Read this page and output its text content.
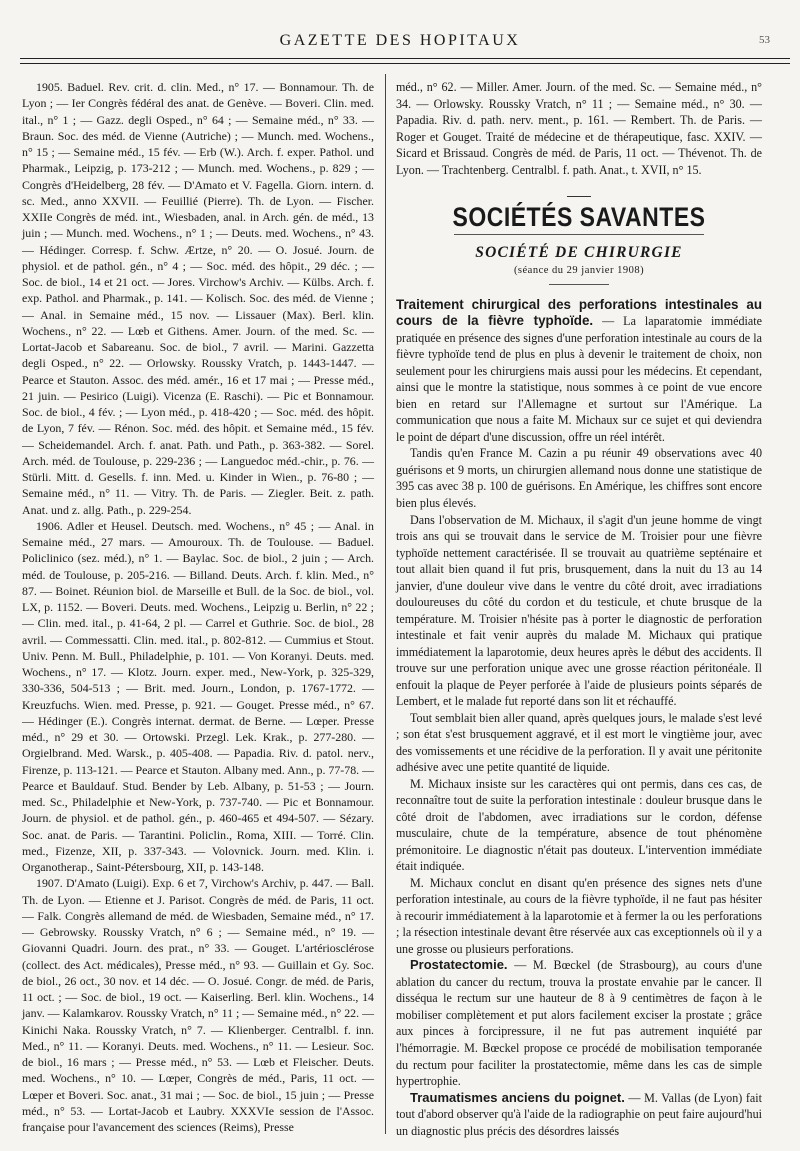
GAZETTE DES HOPITAUX	53

1905. Baduel. Rev. crit. d. clin. Med., n° 17. — Bonnamour. Th. de Lyon ; — Ier Congrès fédéral des anat. de Genève. — Boveri. Clin. med. ital., n° 1 ; — Gazz. degli Osped., n° 64 ; — Semaine méd., n° 33. — Braun. Soc. des méd. de Vienne (Autriche) ; — Munch. med. Wochens., n° 15 ; — Semaine méd., 15 fév. — Erb (W.). Arch. f. exper. Pathol. und Pharmak., Leipzig, p. 173-212 ; — Munch. med. Wochens., p. 829 ; — Congrès d'Heidelberg, 28 fév. — D'Amato et V. Fagella. Giorn. intern. d. sc. Med., anno XXVII. — Feuillié (Pierre). Th. de Lyon. — Fischer. XXIIe Congrès de méd. int., Wiesbaden, anal. in Arch. gén. de méd., 13 juin ; — Munch. med. Wochens., n° 1 ; — Deuts. med. Wochens., n° 43. — Hédinger. Corresp. f. Schw. Ærtze, n° 20. — O. Josué. Journ. de physiol. et de pathol. gén., n° 4 ; — Soc. méd. des hôpit., 29 déc. ; — Soc. de biol., 14 et 21 oct. — Jores. Virchow's Archiv. — Külbs. Arch. f. exp. Pathol. and Pharmak., p. 141. — Kolisch. Soc. des méd. de Vienne ; — Anal. in Semaine méd., 15 nov. — Lissauer (Max). Berl. klin. Wochens., n° 22. — Lœb et Githens. Amer. Journ. of the med. Sc. — Lortat-Jacob et Sabareanu. Soc. de biol., 7 avril. — Marini. Gazzetta degli Osped., n° 22. — Orlowsky. Roussky Vratch, p. 1443-1447. — Pearce et Stauton. Assoc. des méd. amér., 16 et 17 mai ; — Presse méd., 21 juin. — Pesirico (Luigi). Vicenza (E. Raschi). — Pic et Bonnamour. Soc. de biol., 4 fév. ; — Lyon méd., p. 418-420 ; — Soc. méd. des hôpit. de Lyon, 7 fév. — Rénon. Soc. méd. des hôpit. et Semaine méd., 15 fév. — Scheidemandel. Arch. f. anat. Path. und Path., p. 363-382. — Sorel. Arch. méd. de Toulouse, p. 229-236 ; — Languedoc méd.-chir., p. 76. — Stürli. Mitt. d. Gesells. f. inn. Med. u. Kinder in Wien., p. 76-80 ; — Semaine méd., n° 11. — Vitry. Th. de Paris. — Ziegler. Beit. z. path. Anat. und z. allg. Path., p. 229-254.

1906. Adler et Heusel. Deutsch. med. Wochens., n° 45 ; — Anal. in Semaine méd., 27 mars. — Amouroux. Th. de Toulouse. — Baduel. Policlinico (sez. méd.), n° 1. — Baylac. Soc. de biol., 2 juin ; — Arch. méd. de Toulouse, p. 205-216. — Billand. Deuts. Arch. f. klin. Med., n° 87. — Boinet. Réunion biol. de Marseille et Bull. de la Soc. de biol., vol. LX, p. 1152. — Boveri. Deuts. med. Wochens., Leipzig u. Berlin, n° 22 ; — Clin. med. ital., p. 41-64, 2 pl. — Carrel et Guthrie. Soc. de biol., 28 avril. — Commessatti. Clin. med. ital., p. 802-812. — Cummius et Stout. Univ. Penn. M. Bull., Philadelphie, p. 101. — Von Koranyi. Deuts. med. Wochens., n° 17. — Klotz. Journ. exper. med., New-York, p. 325-329, 330-336, 504-513 ; — Brit. med. Journ., London, p. 1767-1772. — Kreuzfuchs. Wien. med. Presse, p. 921. — Gouget. Presse méd., n° 67. — Hédinger (E.). Congrès internat. dermat. de Berne. — Lœper. Presse méd., n° 29 et 30. — Ortowski. Przegl. Lek. Krak., p. 277-280. — Orgielbrand. Med. Warsk., p. 405-408. — Papadia. Riv. d. patol. nerv., Firenze, p. 113-121. — Pearce et Stauton. Albany med. Ann., p. 77-78. — Pearce et Bauldauf. Stud. Bender by Leb. Albany, p. 51-53 ; — Journ. med. Sc., Philadelphie et New-York, p. 737-740. — Pic et Bonnamour. Journ. de physiol. et de pathol. gén., p. 460-465 et 494-507. — Sézary. Soc. anat. de Paris. — Tarantini. Policlin., Roma, XIII. — Torré. Clin. med., Fizenze, XII, p. 337-343. — Volovnick. Journ. med. Klin. i. Organotherap., Saint-Pétersbourg, XII, p. 143-148.

1907. D'Amato (Luigi). Exp. 6 et 7, Virchow's Archiv, p. 447. — Ball. Th. de Lyon. — Etienne et J. Parisot. Congrès de méd. de Paris, 11 oct. — Falk. Congrès allemand de méd. de Wiesbaden, Semaine méd., n° 17. — Gebrowsky. Roussky Vratch, n° 6 ; — Semaine méd., n° 19. — Giovanni Quadri. Journ. des prat., n° 33. — Gouget. L'artériosclérose (collect. des Act. médicales), Presse méd., n° 93. — Guillain et Gy. Soc. de biol., 26 oct., 30 nov. et 14 déc. — O. Josué. Congr. de méd. de Paris, 11 oct. ; — Soc. de biol., 19 oct. — Kaiserling. Berl. klin. Wochens., 14 janv. — Kalamkarov. Roussky Vratch, n° 11 ; — Semaine méd., n° 22. — Kinichi Naka. Roussky Vratch, n° 7. — Klienberger. Centralbl. f. inn. Med., n° 11. — Koranyi. Deuts. med. Wochens., n° 11. — Lesieur. Soc. de biol., 16 mars ; — Presse méd., n° 53. — Lœb et Fleischer. Deuts. med. Wochens., n° 10. — Lœper, Congrès de méd., Paris, 11 oct. — Lœper et Boveri. Soc. anat., 31 mai ; — Soc. de biol., 15 juin ; — Presse méd., n° 53. — Lortat-Jacob et Laubry. XXXVIe session de l'Assoc. française pour l'avancement des sciences (Reims), Presse

méd., n° 62. — Miller. Amer. Journ. of the med. Sc. — Semaine méd., n° 34. — Orlowsky. Roussky Vratch, n° 11 ; — Semaine méd., n° 30. — Papadia. Riv. d. path. nerv. ment., p. 161. — Rembert. Th. de Paris. — Roger et Gouget. Traité de médecine et de thérapeutique, fasc. XXIV. — Sicard et Brissaud. Congrès de méd. de Paris, 11 oct. — Thévenot. Th. de Lyon. — Trachtenberg. Centralbl. f. path. Anat., t. XVII, n° 15.

SOCIÉTÉS SAVANTES
SOCIÉTÉ DE CHIRURGIE
(séance du 29 janvier 1908)

Traitement chirurgical des perforations intestinales au cours de la fièvre typhoïde. — La laparatomie immédiate pratiquée en présence des signes d'une perforation intestinale au cours de la fièvre typhoïde tend de plus en plus à devenir le traitement de choix, non seulement pour les chirurgiens mais aussi pour les médecins. Et cependant, ainsi que le montre la statistique, nous sommes à ce point de vue encore bien en retard sur l'Allemagne et surtout sur l'Amérique. La communication que nous a faite M. Michaux sur ce sujet et qui deviendra le point de départ d'une discussion, offre un réel intérêt.

Tandis qu'en France M. Cazin a pu réunir 49 observations avec 40 guérisons et 9 morts, un chirurgien allemand nous donne une statistique de 395 cas avec 38 p. 100 de guérisons. En Amérique, les chiffres sont encore bien plus élevés.

Dans l'observation de M. Michaux, il s'agit d'un jeune homme de vingt trois ans qui se trouvait dans le service de M. Troisier pour une fièvre typhoïde nettement caractérisée. Il se trouvait au quatrième septénaire et tout allait bien quand il fut pris, brusquement, dans la nuit du 13 au 14 janvier, d'une douleur vive dans le ventre du côté droit, avec irradiations douloureuses du côté du cordon et du testicule, et chute brusque de la température. M. Troisier n'hésite pas à porter le diagnostic de perforation intestinale et fait venir auprès du malade M. Michaux qui pratique immédiatement la laparotomie, deux heures après le début des accidents. Il trouve sur une perforation unique avec une grosse réaction péritonéale. Il enfouit la plaque de Peyer perforée à l'aide de plusieurs points séparés de Lembert, et le malade fut reporté dans son lit et réchauffé.

Tout semblait bien aller quand, après quelques jours, le malade s'est levé ; son état s'est brusquement aggravé, et il est mort le vingtième jour, avec des vomissements et une récidive de la perforation. Il y avait une péritonite adhésive avec une petite quantité de liquide.

M. Michaux insiste sur les caractères qui ont permis, dans ces cas, de reconnaître tout de suite la perforation intestinale : douleur brusque dans le côté droit de l'abdomen, avec irradiations sur le cordon, défense musculaire, chute de la température, absence de tout phénomène prémonitoire. Le diagnostic n'était pas douteux. L'intervention immédiate était indiquée.

M. Michaux conclut en disant qu'en présence des signes nets d'une perforation intestinale, au cours de la fièvre typhoïde, il ne faut pas hésiter à recourir immédiatement à la laparotomie et à fermer la ou les perforations ; la résection intestinale devant être réservée aux cas exceptionnels où il y a une grosse ou plusieurs perforations.

Prostatectomie. — M. Bœckel (de Strasbourg), au cours d'une ablation du cancer du rectum, trouva la prostate envahie par le cancer. Il disséqua le rectum sur une hauteur de 8 à 9 centimètres de façon à le mobiliser complètement et put alors facilement exciser la prostate ; grâce aux pinces à forcipressure, il ne fut pas autrement inquiété par l'hémorragie. M. Bœckel propose ce procédé de mobilisation temporanée du rectum pour faciliter la prostatectomie, même dans les cas de simple hypertrophie.

Traumatismes anciens du poignet. — M. Vallas (de Lyon) fait tout d'abord observer qu'à l'aide de la radiographie on peut faire aujourd'hui un diagnostic plus précis des désordres laissés
